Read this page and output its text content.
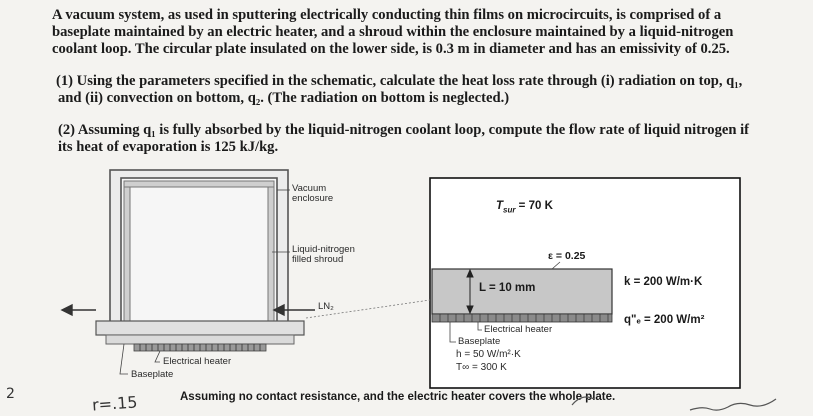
A vacuum system, as used in sputtering electrically conducting thin films on microcircuits, is comprised of a baseplate maintained by an electric heater, and a shroud within the enclosure maintained by a liquid-nitrogen coolant loop. The circular plate insulated on the lower side, is 0.3 m in diameter and has an emissivity of 0.25.

(1) Using the parameters specified in the schematic, calculate the heat loss rate through (i) radiation on top, q₁, and (ii) convection on bottom, q₂. (The radiation on bottom is neglected.)

(2) Assuming q₁ is fully absorbed by the liquid-nitrogen coolant loop, compute the flow rate of liquid nitrogen if its heat of evaporation is 125 kJ/kg.

Vacuum
enclosure
Liquid-nitrogen
filled shroud
LN₂
Electrical heater
Baseplate
$T_{sur} = 70$ K
ε = 0.25
L = 10 mm	k = 200 W/m·K
q"ₑ = 200 W/m²
Electrical heater
Baseplate
h = 50 W/m²·K
T∞ = 300 K
Assuming no contact resistance, and the electric heater covers the whole plate.
2	r=.15
